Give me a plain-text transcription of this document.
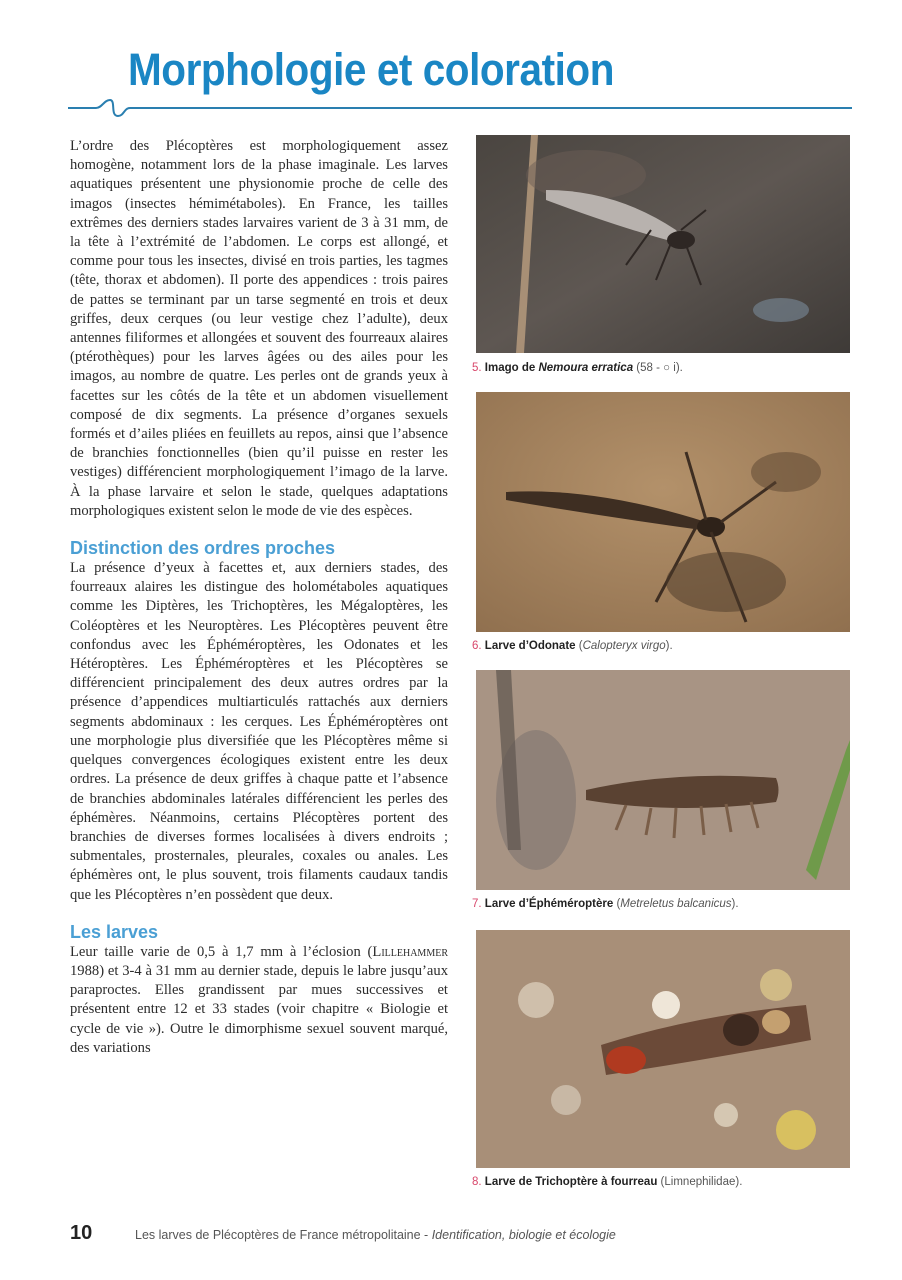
Morphologie et coloration

L’ordre des Plécoptères est morphologiquement assez homogène, notamment lors de la phase imaginale. Les larves aquatiques présentent une physionomie proche de celle des imagos (insectes hémimétaboles). En France, les tailles extrêmes des derniers stades larvaires varient de 3 à 31 mm, de la tête à l’extrémité de l’abdomen. Le corps est allongé, et comme pour tous les insectes, divisé en trois parties, les tagmes (tête, thorax et abdomen). Il porte des appendices : trois paires de pattes se terminant par un tarse segmenté en trois et deux griffes, deux cerques (ou leur vestige chez l’adulte), deux antennes filiformes et allongées et souvent des fourreaux alaires (ptérothèques) pour les larves âgées ou des ailes pour les imagos, au nombre de quatre. Les perles ont de grands yeux à facettes sur les côtés de la tête et un abdomen visuellement composé de dix segments. La présence d’organes sexuels formés et d’ailes pliées en feuillets au repos, ainsi que l’absence de branchies fonctionnelles (bien qu’il puisse en rester les vestiges) différencient morphologiquement l’imago de la larve. À la phase larvaire et selon le stade, quelques adaptations morphologiques existent selon le mode de vie des espèces.

Distinction des ordres proches

La présence d’yeux à facettes et, aux derniers stades, des fourreaux alaires les distingue des holométaboles aquatiques comme les Diptères, les Trichoptères, les Mégaloptères, les Coléoptères et les Neuroptères. Les Plécoptères peuvent être confondus avec les Éphéméroptères, les Odonates et les Hétéroptères. Les Éphéméroptères et les Plécoptères se différencient principalement des deux autres ordres par la présence d’appendices multiarticulés rattachés aux derniers segments abdominaux : les cerques. Les Éphéméroptères ont une morphologie plus diversifiée que les Plécoptères même si quelques convergences écologiques existent entre les deux ordres. La présence de deux griffes à chaque patte et l’absence de branchies abdominales latérales différencient les perles des éphémères. Néanmoins, certains Plécoptères portent des branchies de diverses formes localisées à divers endroits ; submentales, prosternales, pleurales, coxales ou anales. Les éphémères ont, le plus souvent, trois filaments caudaux tandis que les Plécoptères n’en possèdent que deux.

Les larves

Leur taille varie de 0,5 à 1,7 mm à l’éclosion (Lillehammer 1988) et 3-4 à 31 mm au dernier stade, depuis le labre jusqu’aux paraproctes. Elles grandissent par mues successives et présentent entre 12 et 33 stades (voir chapitre « Biologie et cycle de vie »). Outre le dimorphisme sexuel souvent marqué, des variations

5. Imago de Nemoura erratica (58 - ○ i).

6. Larve d’Odonate (Calopteryx virgo).

7. Larve d’Éphéméroptère (Metreletus balcanicus).

8. Larve de Trichoptère à fourreau (Limnephilidae).

10	Les larves de Plécoptères de France métropolitaine - Identification, biologie et écologie
